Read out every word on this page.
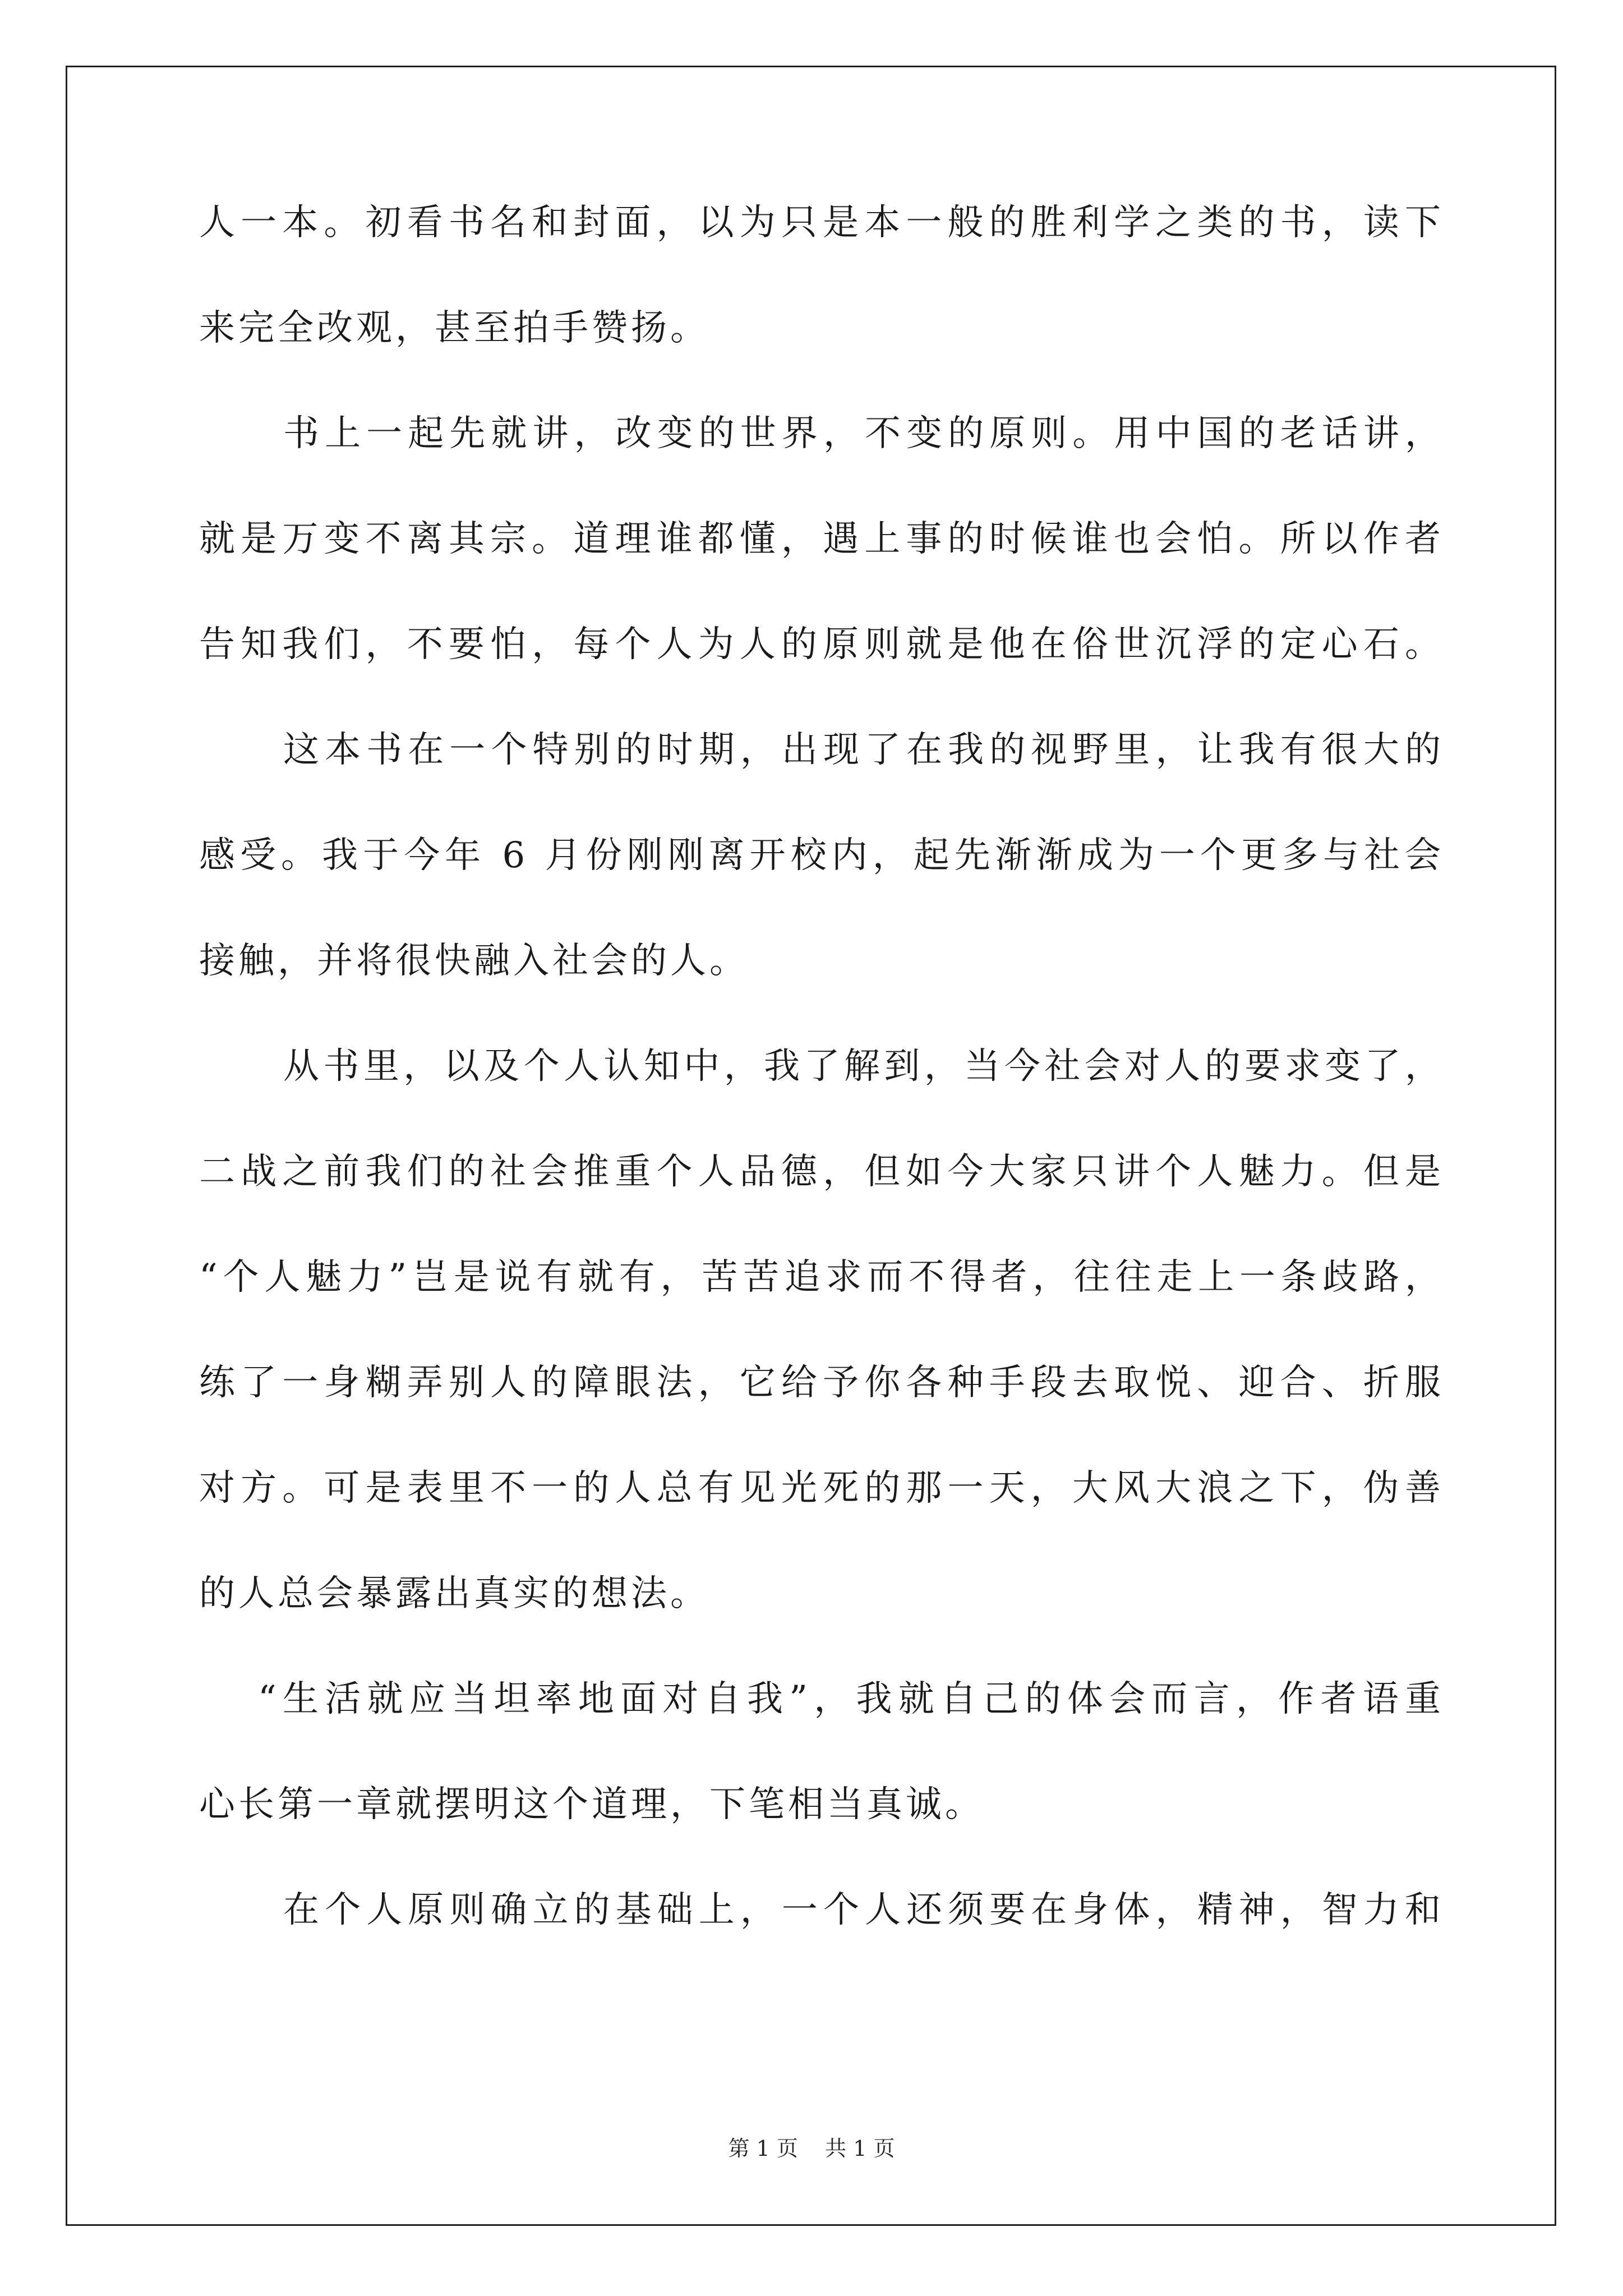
人一本。初看书名和封面，以为只是本一般的胜利学之类的书，读下
来完全改观，甚至拍手赞扬。
书上一起先就讲，改变的世界，不变的原则。用中国的老话讲，
就是万变不离其宗。道理谁都懂，遇上事的时候谁也会怕。所以作者
告知我们，不要怕，每个人为人的原则就是他在俗世沉浮的定心石。
这本书在一个特别的时期，出现了在我的视野里，让我有很大的
感受。我于今年 6 月份刚刚离开校内，起先渐渐成为一个更多与社会
接触，并将很快融入社会的人。
从书里，以及个人认知中，我了解到，当今社会对人的要求变了，
二战之前我们的社会推重个人品德，但如今大家只讲个人魅力。但是
“个人魅力”岂是说有就有，苦苦追求而不得者，往往走上一条歧路，
练了一身糊弄别人的障眼法，它给予你各种手段去取悦、迎合、折服
对方。可是表里不一的人总有见光死的那一天，大风大浪之下，伪善
的人总会暴露出真实的想法。
“生活就应当坦率地面对自我”，我就自己的体会而言，作者语重
心长第一章就摆明这个道理，下笔相当真诚。
在个人原则确立的基础上，一个人还须要在身体，精神，智力和
第 1 页    共 1 页
